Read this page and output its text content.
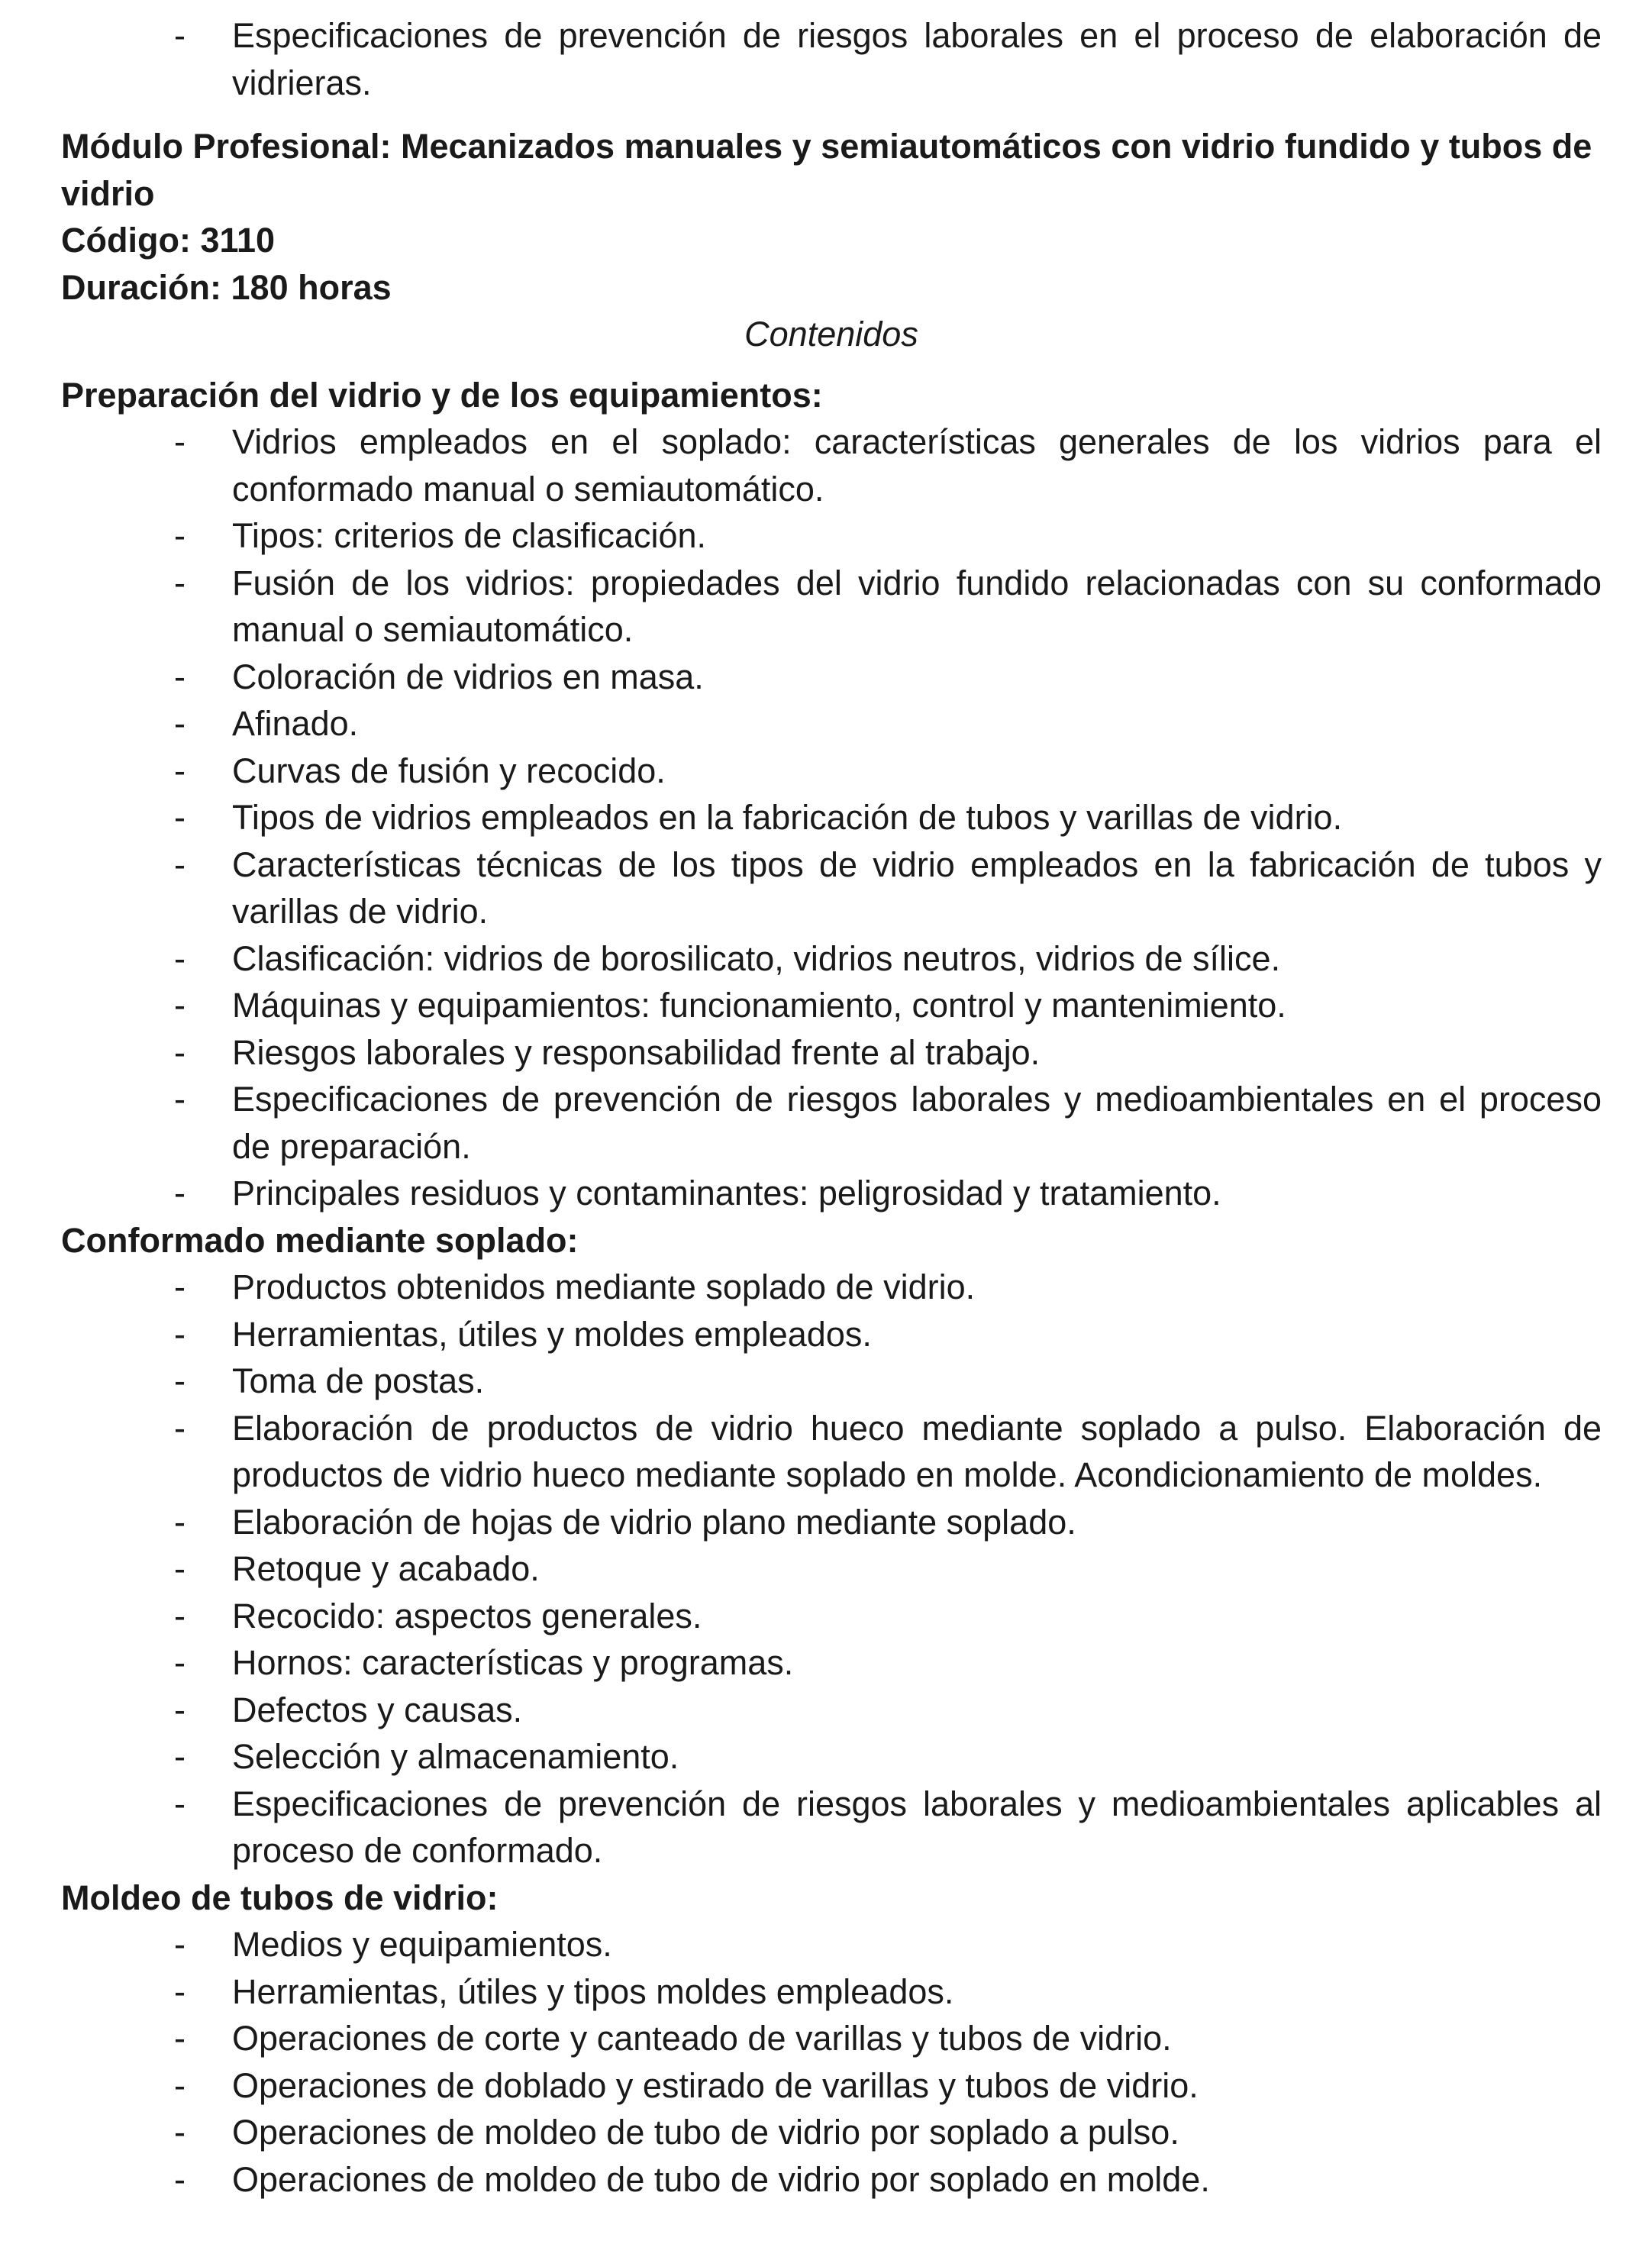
- Especificaciones de prevención de riesgos laborales en el proceso de elaboración de vidrieras.
Módulo Profesional: Mecanizados manuales y semiautomáticos con vidrio fundido y tubos de vidrio
Código: 3110
Duración: 180 horas
Contenidos
Preparación del vidrio y de los equipamientos:
- Vidrios empleados en el soplado: características generales de los vidrios para el conformado manual o semiautomático.
- Tipos: criterios de clasificación.
- Fusión de los vidrios: propiedades del vidrio fundido relacionadas con su conformado manual o semiautomático.
- Coloración de vidrios en masa.
- Afinado.
- Curvas de fusión y recocido.
- Tipos de vidrios empleados en la fabricación de tubos y varillas de vidrio.
- Características técnicas de los tipos de vidrio empleados en la fabricación de tubos y varillas de vidrio.
- Clasificación: vidrios de borosilicato, vidrios neutros, vidrios de sílice.
- Máquinas y equipamientos: funcionamiento, control y mantenimiento.
- Riesgos laborales y responsabilidad frente al trabajo.
- Especificaciones de prevención de riesgos laborales y medioambientales en el proceso de preparación.
- Principales residuos y contaminantes: peligrosidad y tratamiento.
Conformado mediante soplado:
- Productos obtenidos mediante soplado de vidrio.
- Herramientas, útiles y moldes empleados.
- Toma de postas.
- Elaboración de productos de vidrio hueco mediante soplado a pulso. Elaboración de productos de vidrio hueco mediante soplado en molde. Acondicionamiento de moldes.
- Elaboración de hojas de vidrio plano mediante soplado.
- Retoque y acabado.
- Recocido: aspectos generales.
- Hornos: características y programas.
- Defectos y causas.
- Selección y almacenamiento.
- Especificaciones de prevención de riesgos laborales y medioambientales aplicables al proceso de conformado.
Moldeo de tubos de vidrio:
- Medios y equipamientos.
- Herramientas, útiles y tipos moldes empleados.
- Operaciones de corte y canteado de varillas y tubos de vidrio.
- Operaciones de doblado y estirado de varillas y tubos de vidrio.
- Operaciones de moldeo de tubo de vidrio por soplado a pulso.
- Operaciones de moldeo de tubo de vidrio por soplado en molde.
